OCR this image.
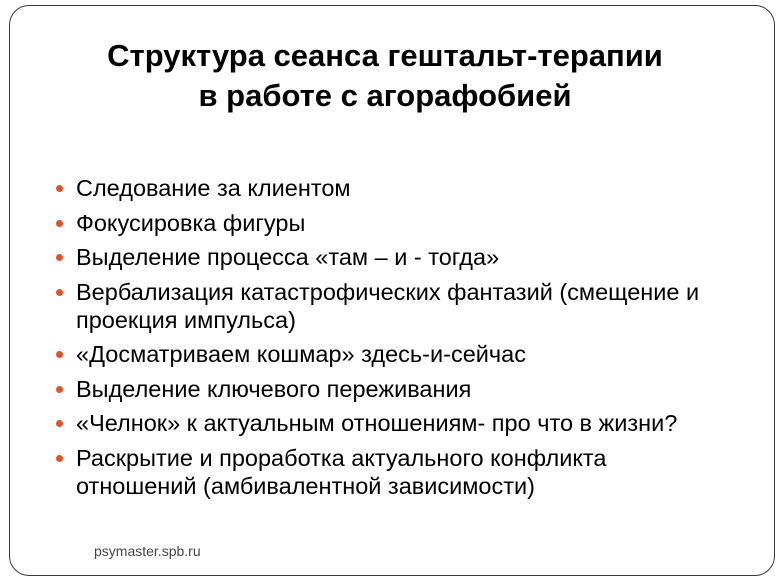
Структура сеанса гештальт-терапии
в работе с агорафобией
Следование за клиентом
Фокусировка фигуры
Выделение процесса «там – и - тогда»
Вербализация катастрофических фантазий (смещение и проекция импульса)
«Досматриваем кошмар» здесь-и-сейчас
Выделение ключевого переживания
«Челнок» к актуальным отношениям- про что в жизни?
Раскрытие и проработка актуального конфликта отношений (амбивалентной зависимости)
psymaster.spb.ru
